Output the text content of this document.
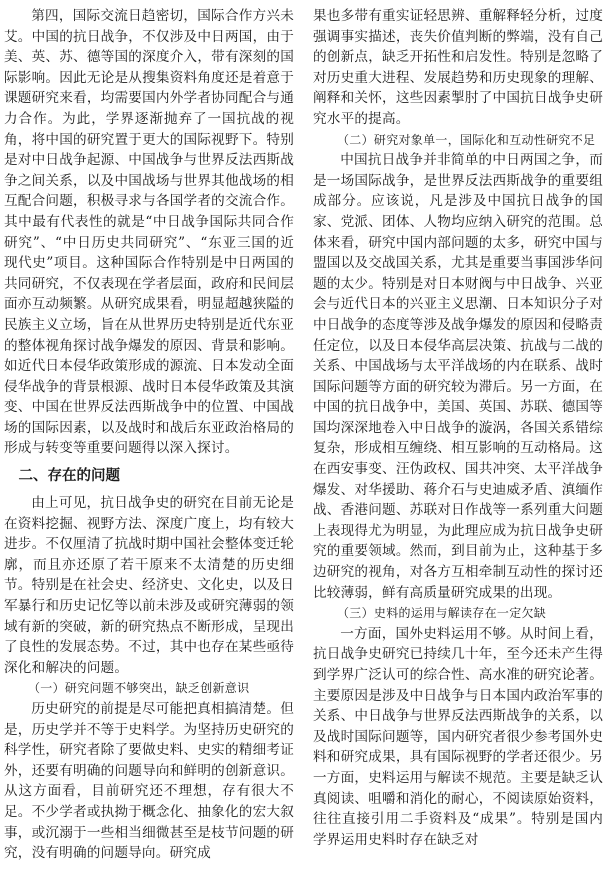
第四，国际交流日趋密切，国际合作方兴未艾。中国的抗日战争，不仅涉及中日两国，由于美、英、苏、德等国的深度介入，带有深刻的国际影响。因此无论是从搜集资料角度还是着意于课题研究来看，均需要国内外学者协同配合与通力合作。为此，学界逐渐抛弃了一国抗战的视角，将中国的研究置于更大的国际视野下。特别是对中日战争起源、中国战争与世界反法西斯战争之间关系，以及中国战场与世界其他战场的相互配合问题，积极寻求与各国学者的交流合作。其中最有代表性的就是“中日战争国际共同合作研究”、“中日历史共同研究”、“东亚三国的近现代史”项目。这种国际合作特别是中日两国的共同研究，不仅表现在学者层面，政府和民间层面亦互动频繁。从研究成果看，明显超越狭隘的民族主义立场，旨在从世界历史特别是近代东亚的整体视角探讨战争爆发的原因、背景和影响。如近代日本侵华政策形成的源流、日本发动全面侵华战争的背景根源、战时日本侵华政策及其演变、中国在世界反法西斯战争中的位置、中国战场的国际因素，以及战时和战后东亚政治格局的形成与转变等重要问题得以深入探讨。

二、存在的问题

由上可见，抗日战争史的研究在目前无论是在资料挖掘、视野方法、深度广度上，均有较大进步。不仅厘清了抗战时期中国社会整体变迁轮廓，而且亦还原了若干原来不太清楚的历史细节。特别是在社会史、经济史、文化史，以及日军暴行和历史记忆等以前未涉及或研究薄弱的领域有新的突破，新的研究热点不断形成，呈现出了良性的发展态势。不过，其中也存在某些亟待深化和解决的问题。

（一）研究问题不够突出，缺乏创新意识

历史研究的前提是尽可能把真相搞清楚。但是，历史学并不等于史料学。为坚持历史研究的科学性，研究者除了要做史料、史实的精细考证外，还要有明确的问题导向和鲜明的创新意识。从这方面看，目前研究还不理想，存有很大不足。不少学者或执拗于概念化、抽象化的宏大叙事，或沉溺于一些相当细微甚至是枝节问题的研究，没有明确的问题导向。研究成

果也多带有重实证轻思辨、重解释轻分析，过度强调事实描述，丧失价值判断的弊端，没有自己的创新点，缺乏开拓性和启发性。特别是忽略了对历史重大进程、发展趋势和历史现象的理解、阐释和关怀，这些因素掣肘了中国抗日战争史研究水平的提高。

（二）研究对象单一，国际化和互动性研究不足

中国抗日战争并非简单的中日两国之争，而是一场国际战争，是世界反法西斯战争的重要组成部分。应该说，凡是涉及中国抗日战争的国家、党派、团体、人物均应纳入研究的范围。总体来看，研究中国内部问题的太多，研究中国与盟国以及交战国关系，尤其是重要当事国涉华问题的太少。特别是对日本财阀与中日战争、兴亚会与近代日本的兴亚主义思潮、日本知识分子对中日战争的态度等涉及战争爆发的原因和侵略责任定位，以及日本侵华高层决策、抗战与二战的关系、中国战场与太平洋战场的内在联系、战时国际问题等方面的研究较为滞后。另一方面，在中国的抗日战争中，美国、英国、苏联、德国等国均深深地卷入中日战争的漩涡，各国关系错综复杂，形成相互缠绕、相互影响的互动格局。这在西安事变、汪伪政权、国共冲突、太平洋战争爆发、对华援助、蒋介石与史迪威矛盾、滇缅作战、香港问题、苏联对日作战等一系列重大问题上表现得尤为明显，为此理应成为抗日战争史研究的重要领域。然而，到目前为止，这种基于多边研究的视角，对各方互相牵制互动性的探讨还比较薄弱，鲜有高质量研究成果的出现。

（三）史料的运用与解读存在一定欠缺

一方面，国外史料运用不够。从时间上看，抗日战争史研究已持续几十年，至今还未产生得到学界广泛认可的综合性、高水准的研究论著。主要原因是涉及中日战争与日本国内政治军事的关系、中日战争与世界反法西斯战争的关系，以及战时国际问题等，国内研究者很少参考国外史料和研究成果，具有国际视野的学者还很少。另一方面，史料运用与解读不规范。主要是缺乏认真阅读、咀嚼和消化的耐心，不阅读原始资料，往往直接引用二手资料及“成果”。特别是国内学界运用史料时存在缺乏对
